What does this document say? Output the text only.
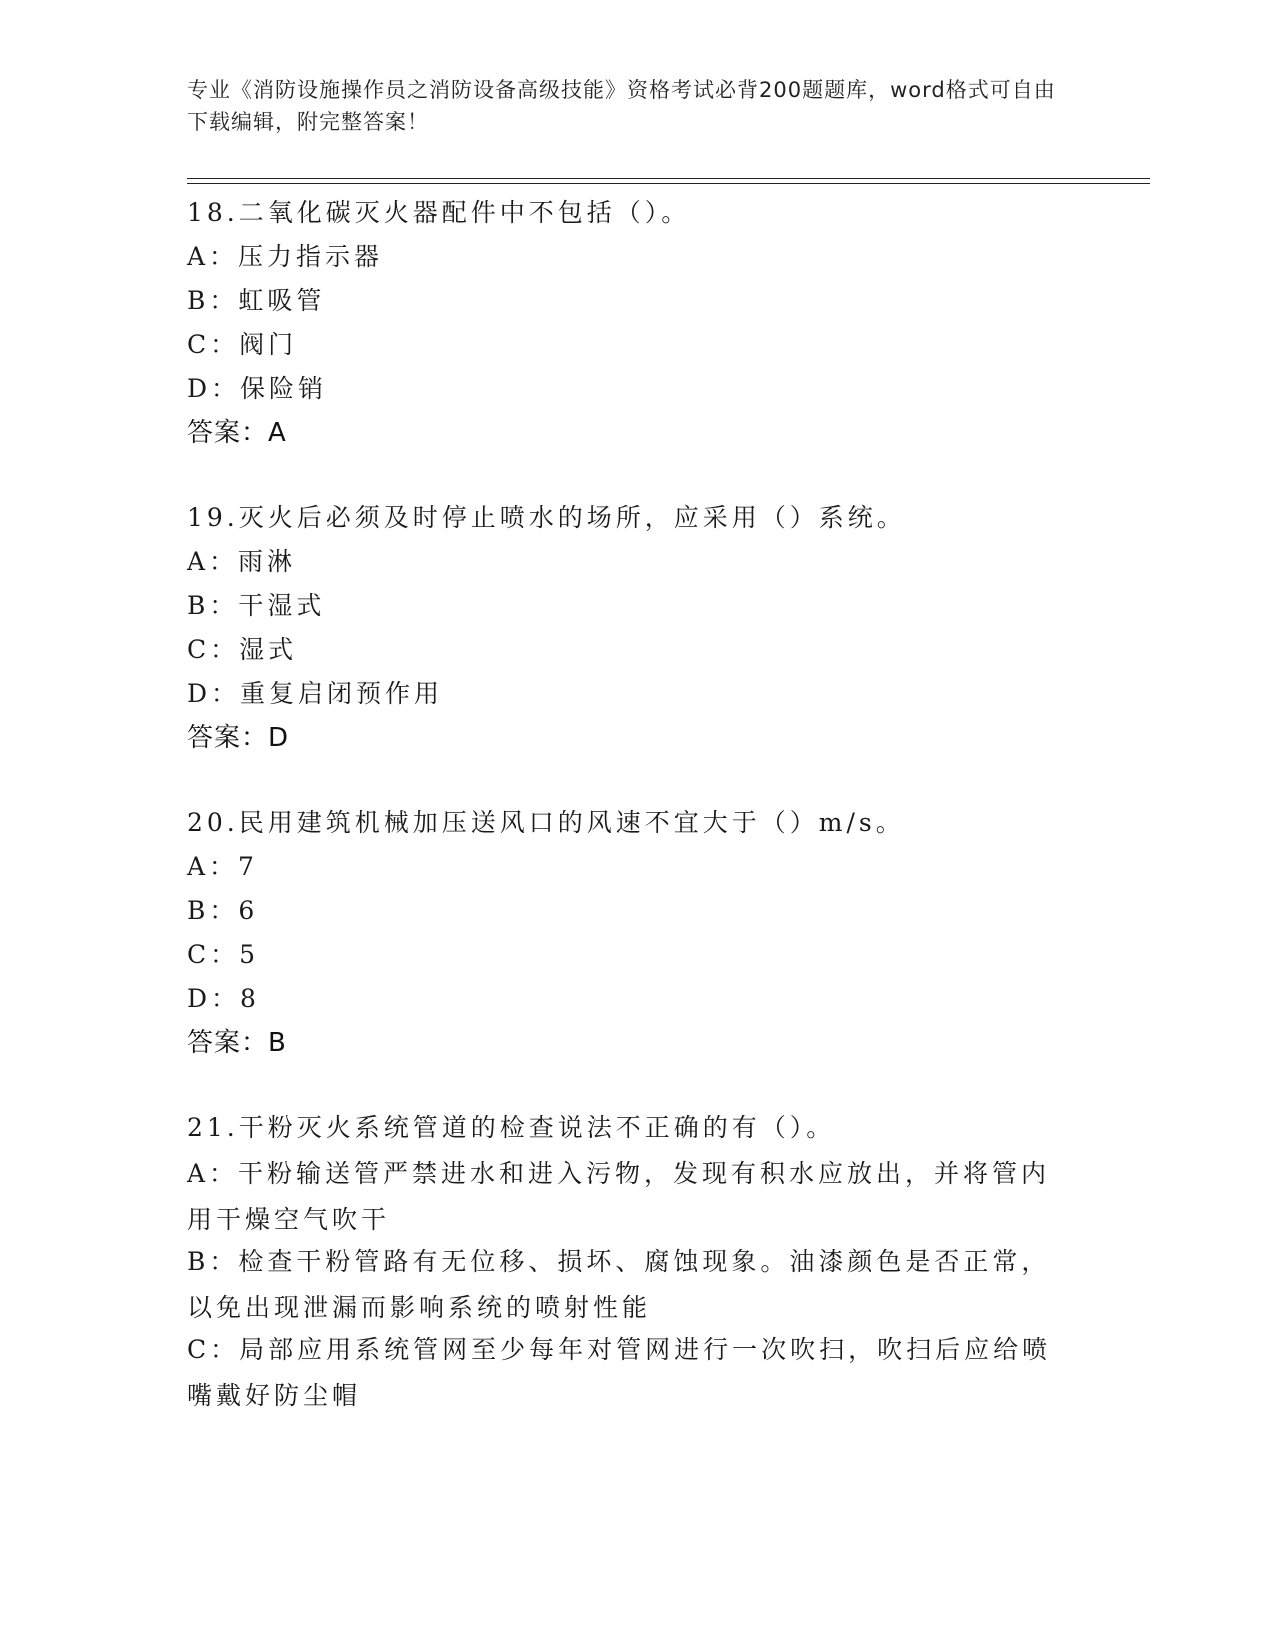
专业《消防设施操作员之消防设备高级技能》资格考试必背200题题库，word格式可自由下载编辑，附完整答案！
18.二氧化碳灭火器配件中不包括（）。
A：压力指示器
B：虹吸管
C：阀门
D：保险销
答案：A
19.灭火后必须及时停止喷水的场所，应采用（）系统。
A：雨淋
B：干湿式
C：湿式
D：重复启闭预作用
答案：D
20.民用建筑机械加压送风口的风速不宜大于（）m/s。
A：7
B：6
C：5
D：8
答案：B
21.干粉灭火系统管道的检查说法不正确的有（）。
A：干粉输送管严禁进水和进入污物，发现有积水应放出，并将管内用干燥空气吹干
B：检查干粉管路有无位移、损坏、腐蚀现象。油漆颜色是否正常，以免出现泄漏而影响系统的喷射性能
C：局部应用系统管网至少每年对管网进行一次吹扫，吹扫后应给喷嘴戴好防尘帽
